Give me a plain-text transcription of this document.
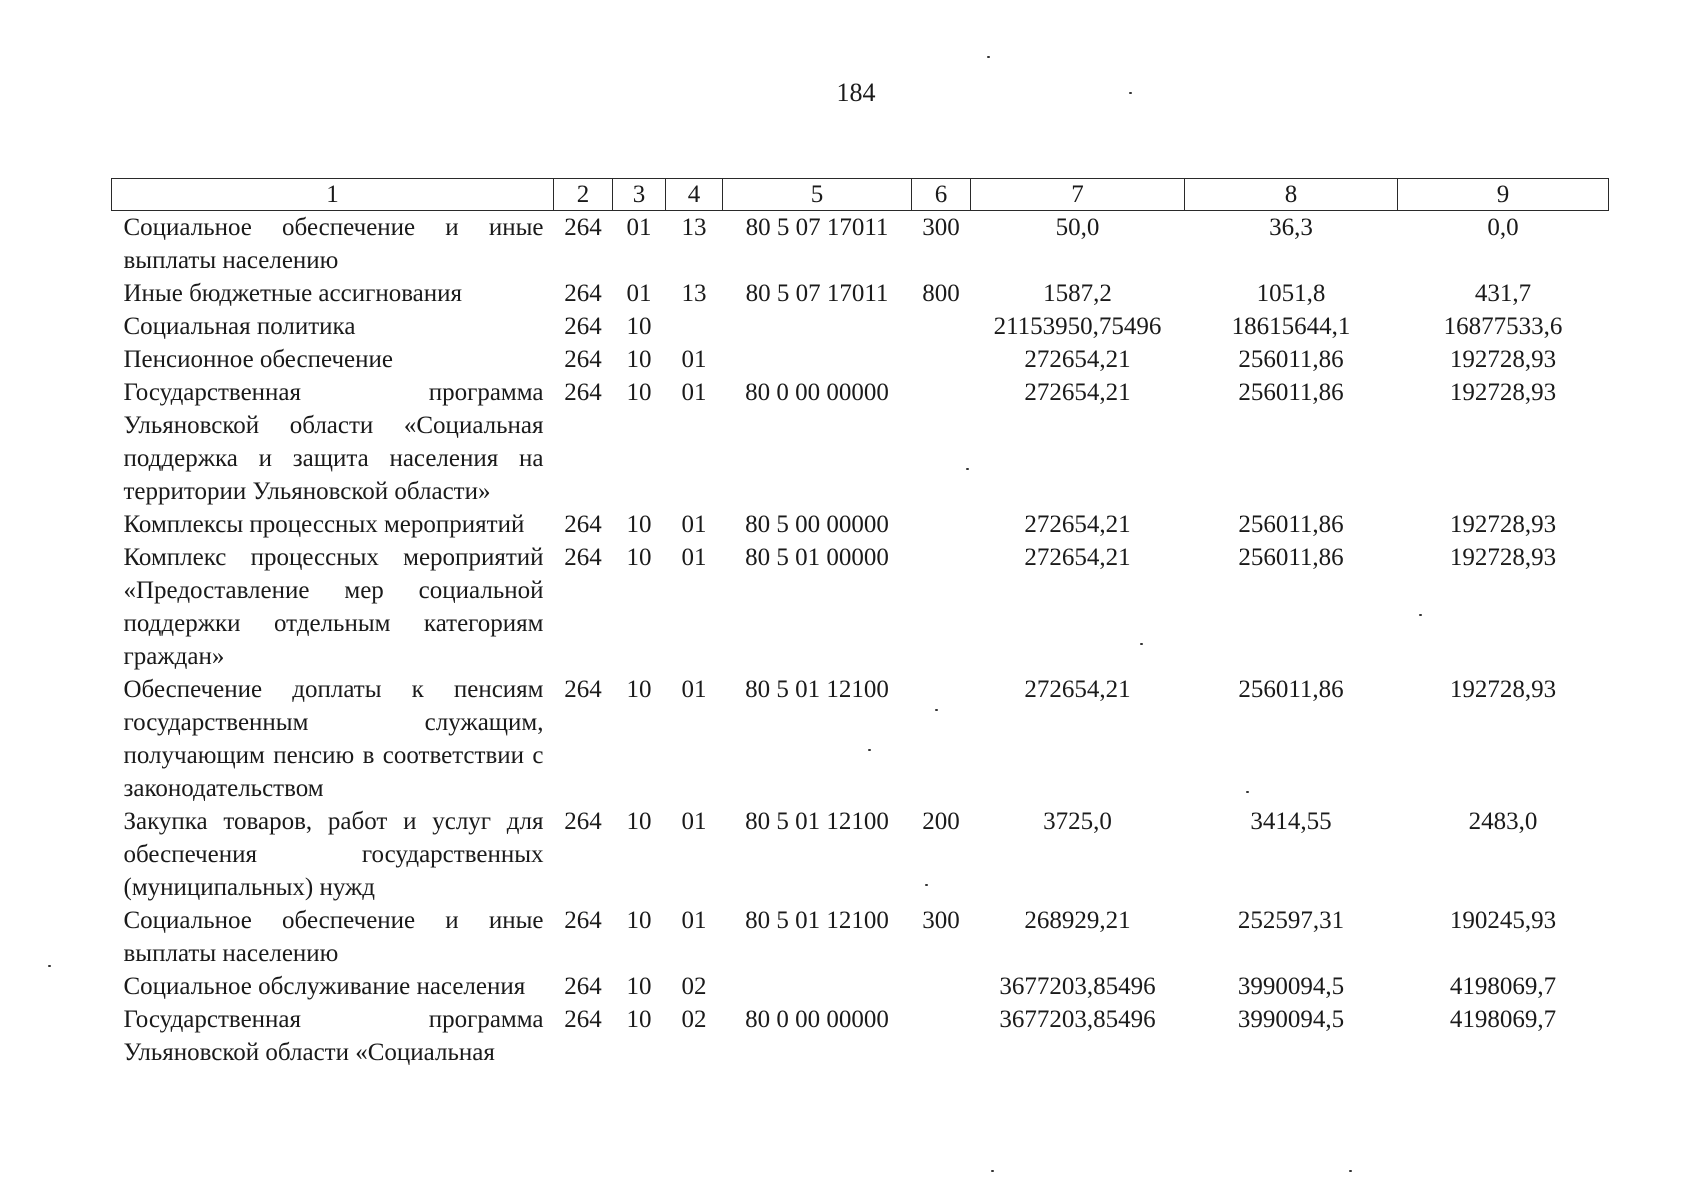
184
1	2	3	4	5	6	7	8	9
Социальное обеспечение и иные выплаты населению	264	01	13	80 5 07 17011	300	50,0	36,3	0,0
Иные бюджетные ассигнования	264	01	13	80 5 07 17011	800	1587,2	1051,8	431,7
Социальная политика	264	10				21153950,75496	18615644,1	16877533,6
Пенсионное обеспечение	264	10	01			272654,21	256011,86	192728,93
Государственная программа Ульяновской области «Социальная поддержка и защита населения на территории Ульяновской области»	264	10	01	80 0 00 00000		272654,21	256011,86	192728,93
Комплексы процессных мероприятий	264	10	01	80 5 00 00000		272654,21	256011,86	192728,93
Комплекс процессных мероприятий «Предоставление мер социальной поддержки отдельным категориям граждан»	264	10	01	80 5 01 00000		272654,21	256011,86	192728,93
Обеспечение доплаты к пенсиям государственным служащим, получающим пенсию в соответствии с законодательством	264	10	01	80 5 01 12100		272654,21	256011,86	192728,93
Закупка товаров, работ и услуг для обеспечения государственных (муниципальных) нужд	264	10	01	80 5 01 12100	200	3725,0	3414,55	2483,0
Социальное обеспечение и иные выплаты населению	264	10	01	80 5 01 12100	300	268929,21	252597,31	190245,93
Социальное обслуживание населения	264	10	02			3677203,85496	3990094,5	4198069,7
Государственная программа Ульяновской области «Социальная	264	10	02	80 0 00 00000		3677203,85496	3990094,5	4198069,7
